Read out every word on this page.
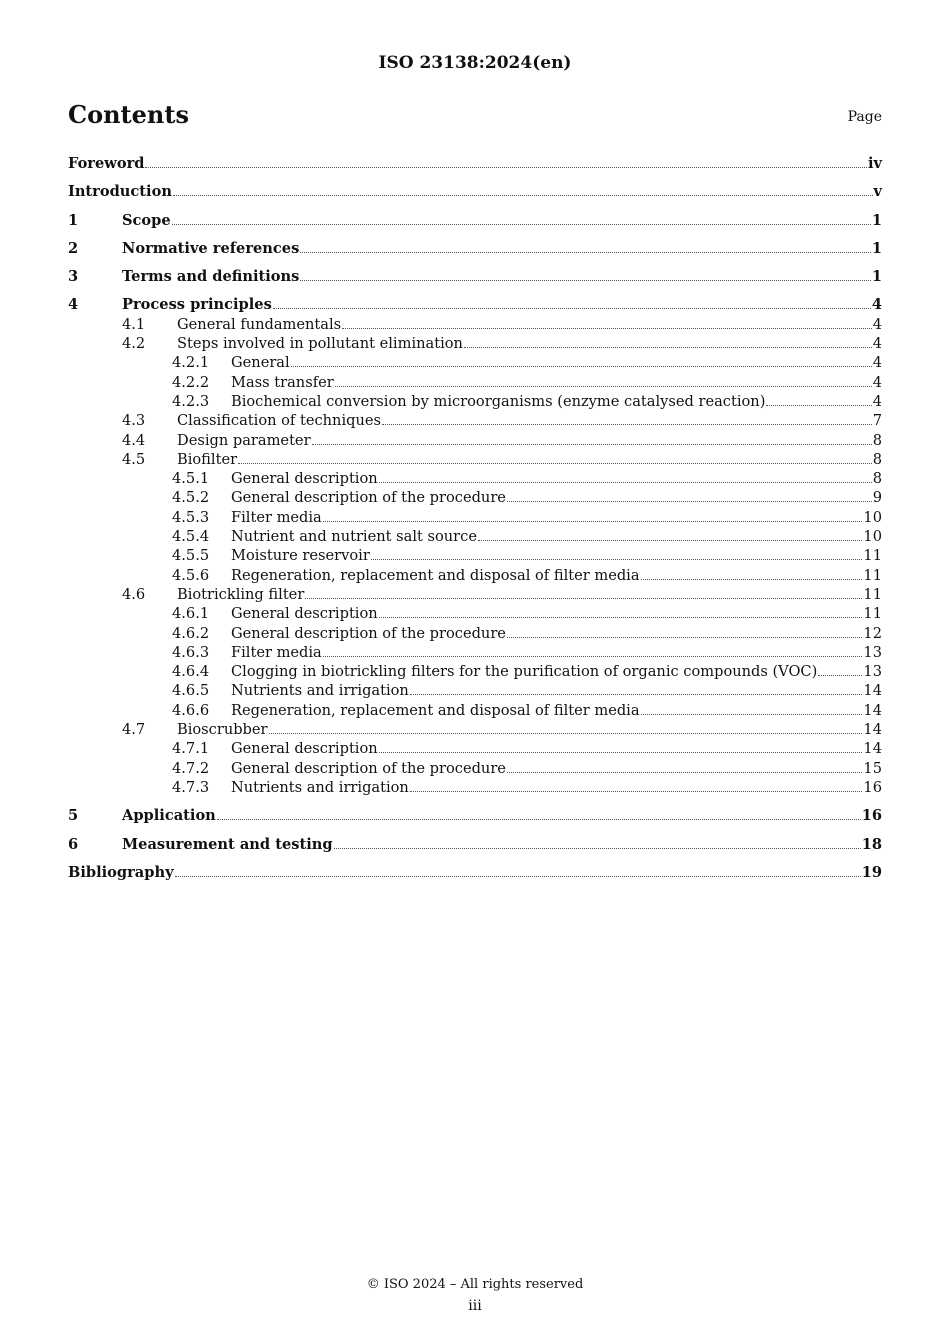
ISO 23138:2024(en)
Contents	Page
Foreword	iv
Introduction	v
1	Scope	1
2	Normative references	1
3	Terms and definitions	1
4	Process principles	4
4.1	General fundamentals	4
4.2	Steps involved in pollutant elimination	4
4.2.1	General	4
4.2.2	Mass transfer	4
4.2.3	Biochemical conversion by microorganisms (enzyme catalysed reaction)	4
4.3	Classification of techniques	7
4.4	Design parameter	8
4.5	Biofilter	8
4.5.1	General description	8
4.5.2	General description of the procedure	9
4.5.3	Filter media	10
4.5.4	Nutrient and nutrient salt source	10
4.5.5	Moisture reservoir	11
4.5.6	Regeneration, replacement and disposal of filter media	11
4.6	Biotrickling filter	11
4.6.1	General description	11
4.6.2	General description of the procedure	12
4.6.3	Filter media	13
4.6.4	Clogging in biotrickling filters for the purification of organic compounds (VOC)	13
4.6.5	Nutrients and irrigation	14
4.6.6	Regeneration, replacement and disposal of filter media	14
4.7	Bioscrubber	14
4.7.1	General description	14
4.7.2	General description of the procedure	15
4.7.3	Nutrients and irrigation	16
5	Application	16
6	Measurement and testing	18
Bibliography	19
© ISO 2024 – All rights reserved
iii
